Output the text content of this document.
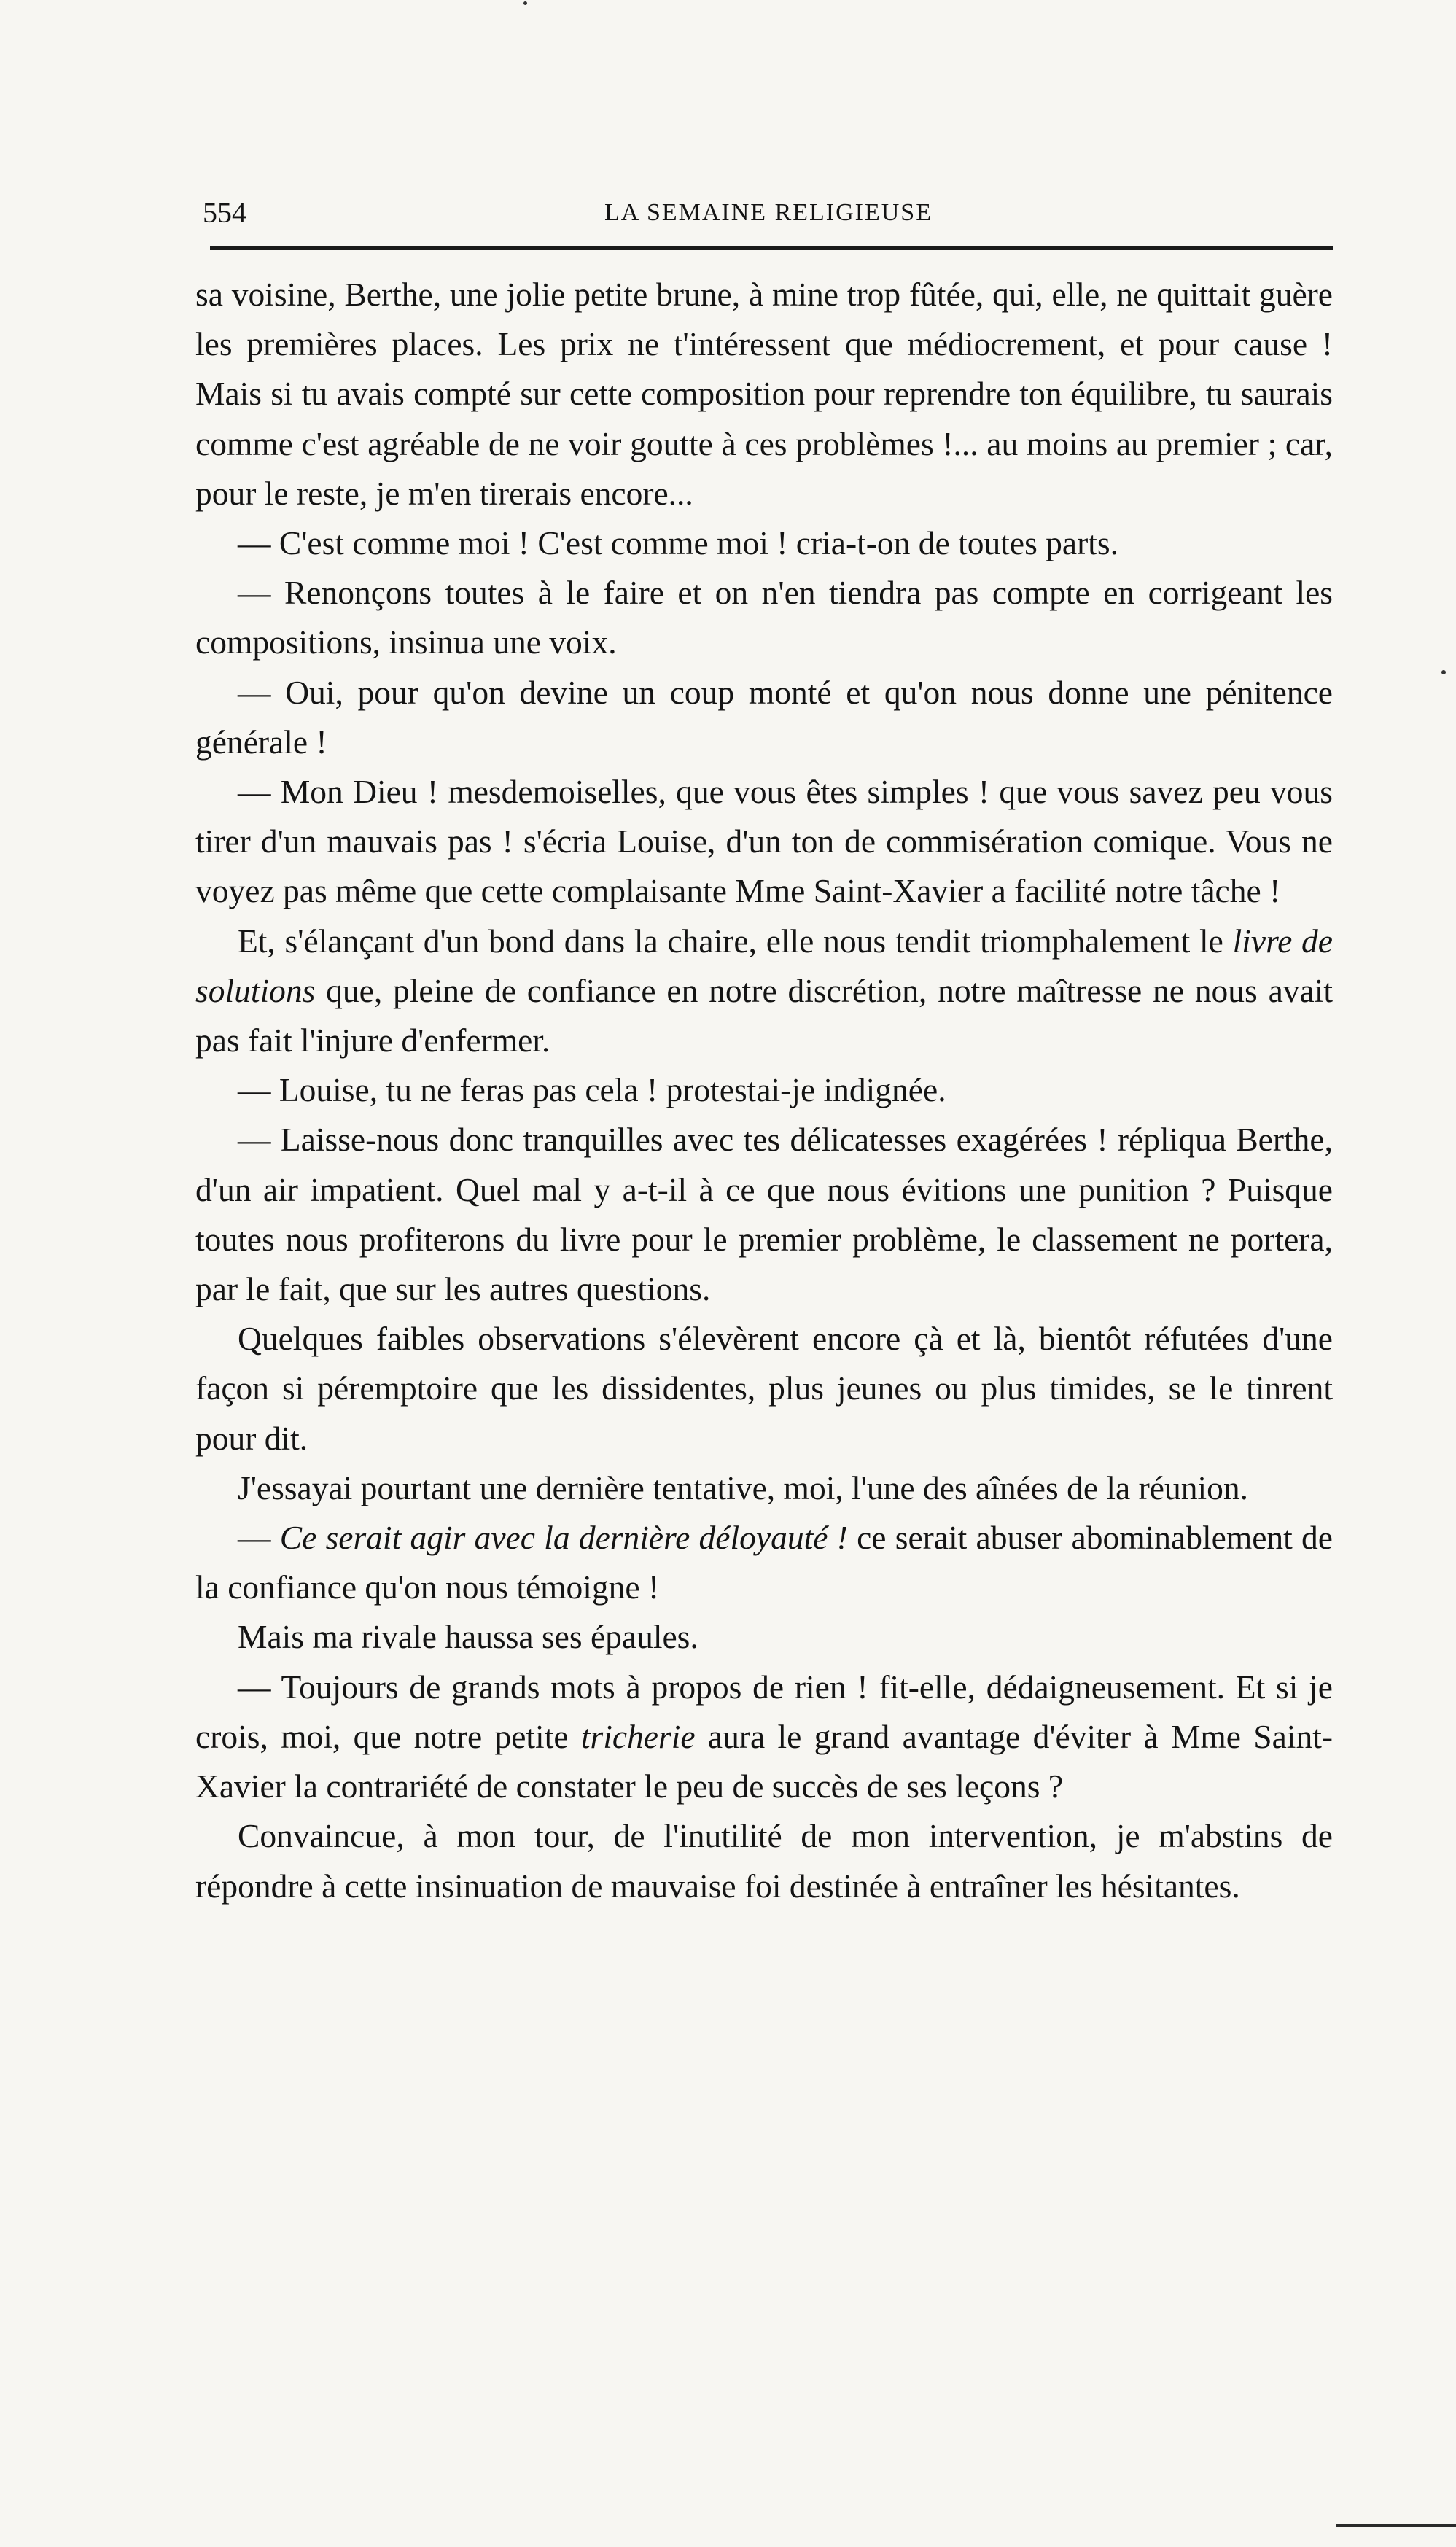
554	LA SEMAINE RELIGIEUSE

sa voisine, Berthe, une jolie petite brune, à mine trop fûtée, qui, elle, ne quittait guère les premières places. Les prix ne t'intéressent que médiocrement, et pour cause ! Mais si tu avais compté sur cette composition pour reprendre ton équilibre, tu saurais comme c'est agréable de ne voir goutte à ces problèmes !... au moins au premier ; car, pour le reste, je m'en tirerais encore...

— C'est comme moi ! C'est comme moi ! cria-t-on de toutes parts.

— Renonçons toutes à le faire et on n'en tiendra pas compte en corrigeant les compositions, insinua une voix.

— Oui, pour qu'on devine un coup monté et qu'on nous donne une pénitence générale !

— Mon Dieu ! mesdemoiselles, que vous êtes simples ! que vous savez peu vous tirer d'un mauvais pas ! s'écria Louise, d'un ton de commisération comique. Vous ne voyez pas même que cette complaisante Mme Saint-Xavier a facilité notre tâche !

Et, s'élançant d'un bond dans la chaire, elle nous tendit triomphalement le livre de solutions que, pleine de confiance en notre discrétion, notre maîtresse ne nous avait pas fait l'injure d'enfermer.

— Louise, tu ne feras pas cela ! protestai-je indignée.

— Laisse-nous donc tranquilles avec tes délicatesses exagérées ! répliqua Berthe, d'un air impatient. Quel mal y a-t-il à ce que nous évitions une punition ? Puisque toutes nous profiterons du livre pour le premier problème, le classement ne portera, par le fait, que sur les autres questions.

Quelques faibles observations s'élevèrent encore çà et là, bientôt réfutées d'une façon si péremptoire que les dissidentes, plus jeunes ou plus timides, se le tinrent pour dit.

J'essayai pourtant une dernière tentative, moi, l'une des aînées de la réunion.

— Ce serait agir avec la dernière déloyauté ! ce serait abuser abominablement de la confiance qu'on nous témoigne !

Mais ma rivale haussa ses épaules.

— Toujours de grands mots à propos de rien ! fit-elle, dédaigneusement. Et si je crois, moi, que notre petite tricherie aura le grand avantage d'éviter à Mme Saint-Xavier la contrariété de constater le peu de succès de ses leçons ?

Convaincue, à mon tour, de l'inutilité de mon intervention, je m'abstins de répondre à cette insinuation de mauvaise foi destinée à entraîner les hésitantes.
